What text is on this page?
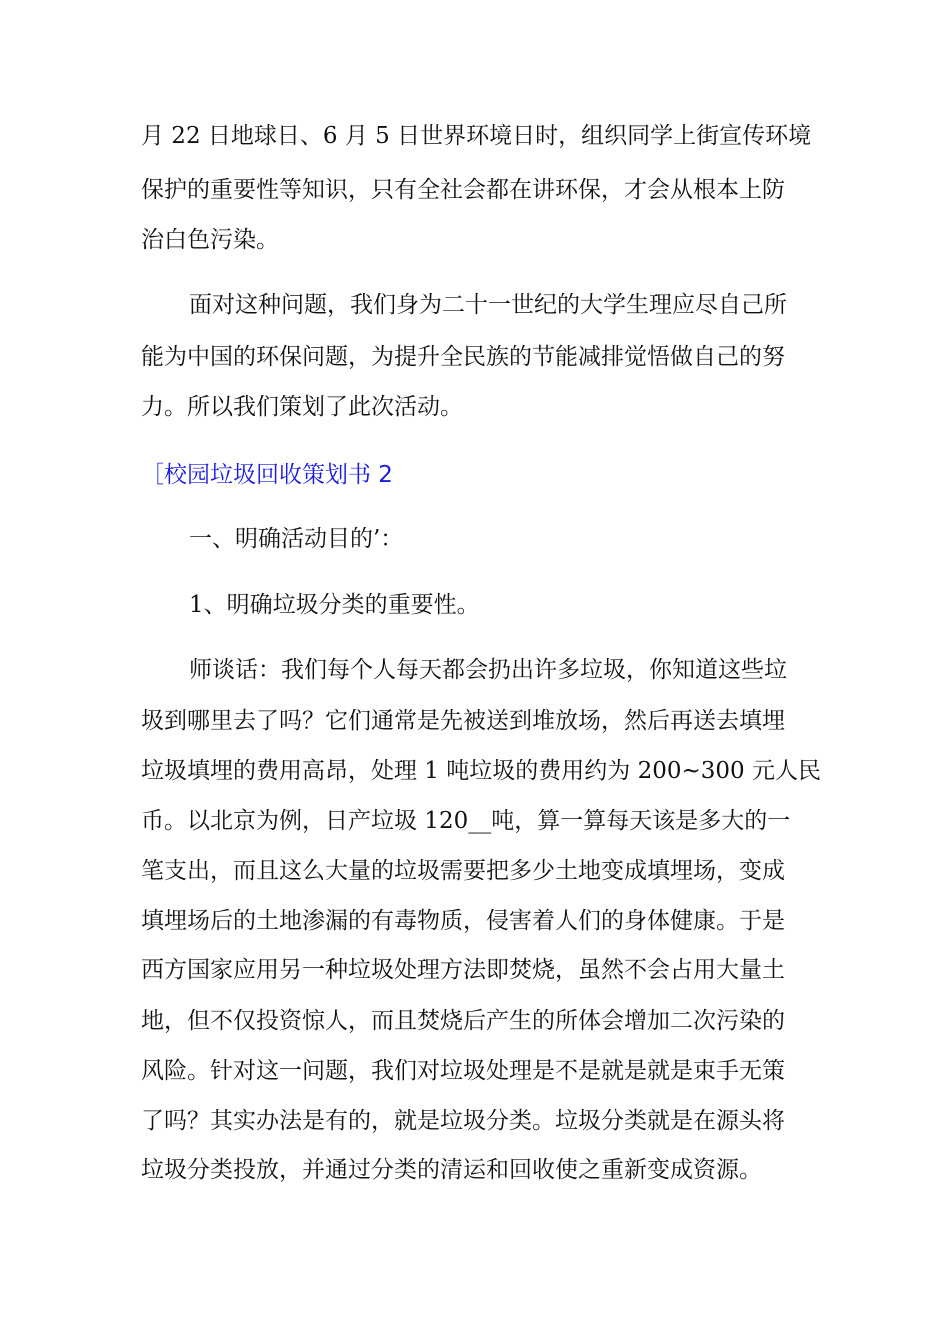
月 22 日地球日、6 月 5 日世界环境日时，组织同学上街宣传环境

保护的重要性等知识，只有全社会都在讲环保，才会从根本上防

治白色污染。

面对这种问题，我们身为二十一世纪的大学生理应尽自己所

能为中国的环保问题，为提升全民族的节能减排觉悟做自己的努

力。所以我们策划了此次活动。

［校园垃圾回收策划书 2

一、明确活动目的’：

1、明确垃圾分类的重要性。

师谈话：我们每个人每天都会扔出许多垃圾，你知道这些垃

圾到哪里去了吗？它们通常是先被送到堆放场，然后再送去填埋

垃圾填埋的费用高昂，处理 1 吨垃圾的费用约为 200~300 元人民

币。以北京为例，日产垃圾 120__吨，算一算每天该是多大的一

笔支出，而且这么大量的垃圾需要把多少土地变成填埋场，变成

填埋场后的土地渗漏的有毒物质，侵害着人们的身体健康。于是

西方国家应用另一种垃圾处理方法即焚烧，虽然不会占用大量土

地，但不仅投资惊人，而且焚烧后产生的所体会增加二次污染的

风险。针对这一问题，我们对垃圾处理是不是就是就是束手无策

了吗？其实办法是有的，就是垃圾分类。垃圾分类就是在源头将

垃圾分类投放，并通过分类的清运和回收使之重新变成资源。
